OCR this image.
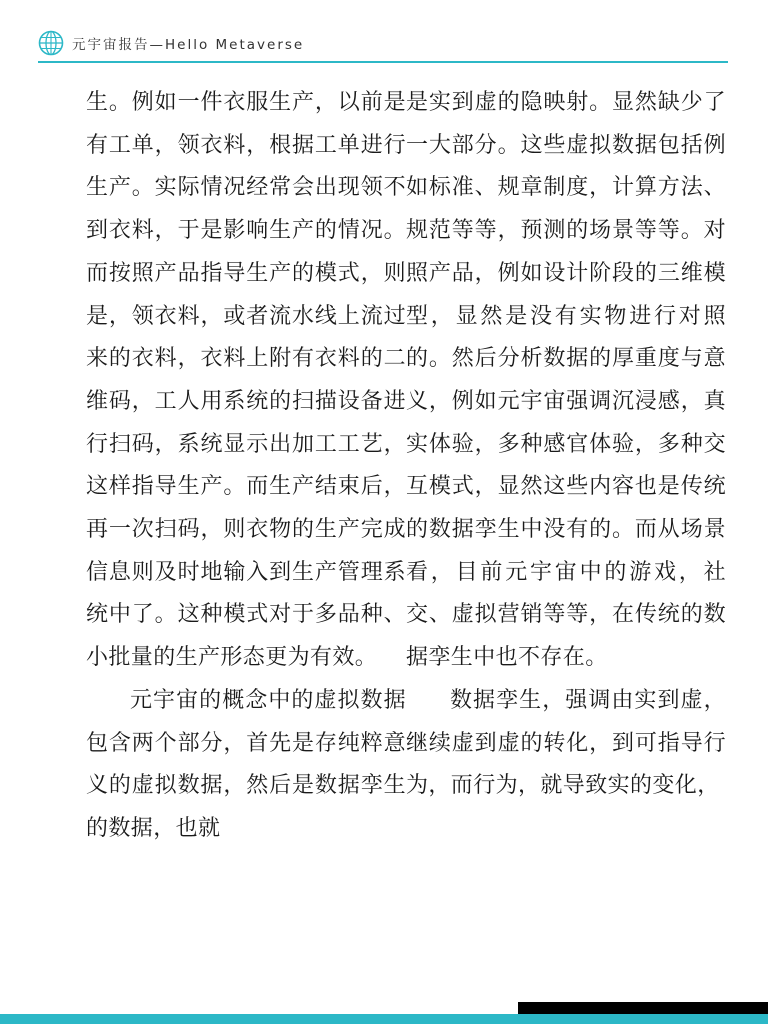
元宇宙报告—Hello Metaverse

生。例如一件衣服生产，以前是有工单，领衣料，根据工单进行生产。实际情况经常会出现领不到衣料，于是影响生产的情况。而按照产品指导生产的模式，则是，领衣料，或者流水线上流过来的衣料，衣料上附有衣料的二维码，工人用系统的扫描设备进行扫码，系统显示出加工工艺，这样指导生产。而生产结束后，再一次扫码，则衣物的生产完成信息则及时地输入到生产管理系统中了。这种模式对于多品种、小批量的生产形态更为有效。

元宇宙的概念中的虚拟数据包含两个部分，首先是存纯粹意义的虚拟数据，然后是数据孪生的数据，也就

是实到虚的隐映射。显然缺少了一大部分。这些虚拟数据包括例如标准、规章制度，计算方法、规范等等，预测的场景等等。对照产品，例如设计阶段的三维模型，显然是没有实物进行对照的。然后分析数据的厚重度与意义，例如元宇宙强调沉浸感，真实体验，多种感官体验，多种交互模式，显然这些内容也是传统的数据孪生中没有的。而从场景看，目前元宇宙中的游戏，社交、虚拟营销等等，在传统的数据孪生中也不存在。

数据孪生，强调由实到虚，继续虚到虚的转化，到可指导行为，而行为，就导致实的变化，
